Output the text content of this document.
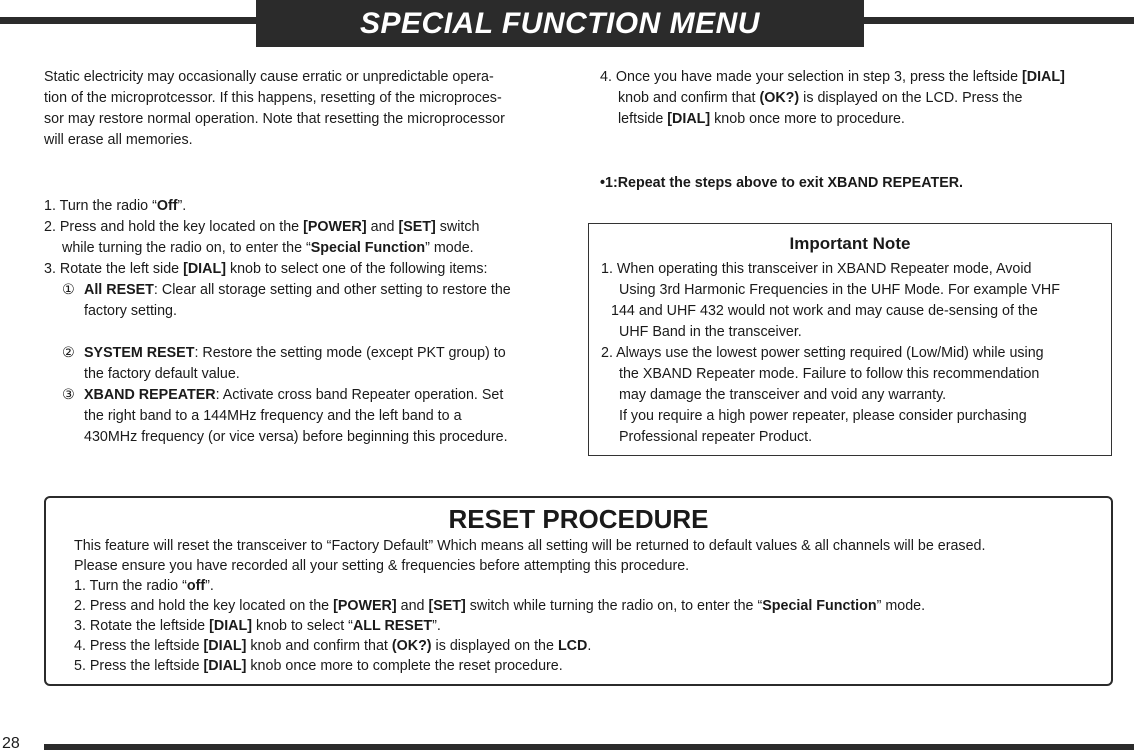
SPECIAL FUNCTION MENU
Static electricity may occasionally cause erratic or unpredictable opera-
tion of the microprotcessor. If this happens, resetting of the microproces-
sor may restore normal operation. Note that resetting the microprocessor
will erase all memories.
1. Turn the radio “Off”.
2. Press and hold the key located on the [POWER] and [SET] switch
while turning the radio on, to enter the “Special Function” mode.
3. Rotate the left side [DIAL] knob to select one of the following items:
① All RESET: Clear all storage setting and other setting to restore the
factory setting.
② SYSTEM RESET: Restore the setting mode (except PKT group) to
the factory default value.
③ XBAND REPEATER: Activate cross band Repeater operation. Set
the right band to a 144MHz frequency and the left band to a
430MHz frequency (or vice versa) before beginning this procedure.
4. Once you have made your selection in step 3, press the leftside [DIAL]
knob and confirm that (OK?) is displayed on the LCD. Press the
leftside [DIAL] knob once more to procedure.
•1:Repeat the steps above to exit XBAND REPEATER.
Important Note
1. When operating this transceiver in XBAND Repeater mode, Avoid
Using 3rd Harmonic Frequencies in the UHF Mode. For example VHF
144 and UHF 432 would not work and may cause de-sensing of the
UHF Band in the transceiver.
2. Always use the lowest power setting required (Low/Mid) while using
the XBAND Repeater mode. Failure to follow this recommendation
may damage the transceiver and void any warranty.
If you require a high power repeater, please consider purchasing
Professional repeater Product.
RESET PROCEDURE
This feature will reset the transceiver to “Factory Default” Which means all setting will be returned to default values & all channels will be erased.
Please ensure you have recorded all your setting & frequencies before attempting this procedure.
1. Turn the radio “off”.
2. Press and hold the key located on the [POWER] and [SET] switch while turning the radio on, to enter the “Special Function” mode.
3. Rotate the leftside [DIAL] knob to select “ALL RESET”.
4. Press the leftside [DIAL] knob and confirm that (OK?) is displayed on the LCD.
5. Press the leftside [DIAL] knob once more to complete the reset procedure.
28
